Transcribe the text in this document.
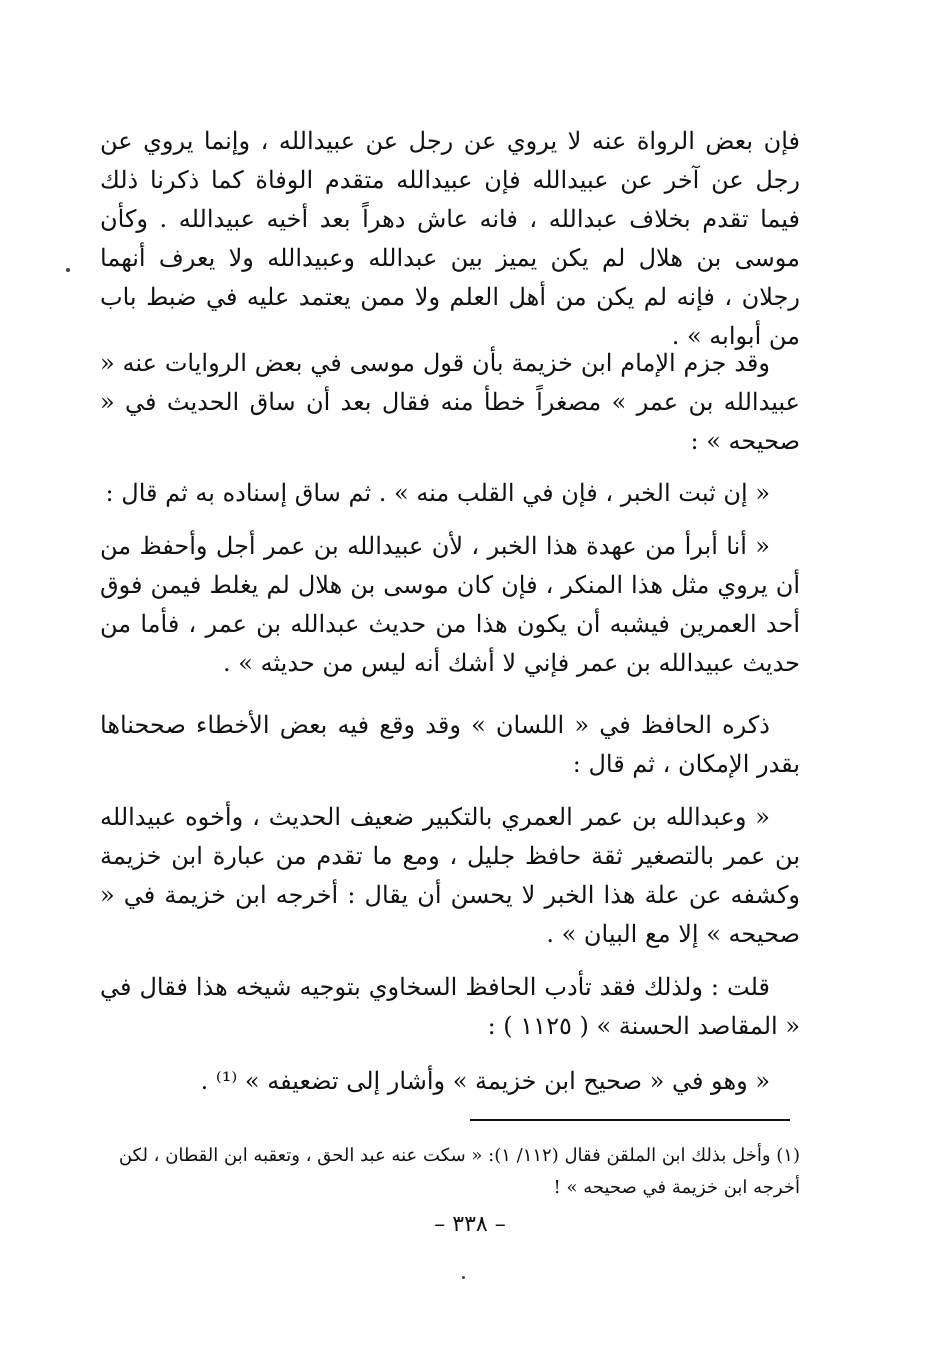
فإن بعض الرواة عنه لا يروي عن رجل عن عبيدالله ، وإنما يروي عن رجل عن آخر عن عبيدالله فإن عبيدالله متقدم الوفاة كما ذكرنا ذلك فيما تقدم بخلاف عبدالله ، فانه عاش دهراً بعد أخيه عبيدالله . وكأن موسى بن هلال لم يكن يميز بين عبدالله وعبيدالله ولا يعرف أنهما رجلان ، فإنه لم يكن من أهل العلم ولا ممن يعتمد عليه في ضبط باب من أبوابه » .

وقد جزم الإمام ابن خزيمة بأن قول موسى في بعض الروايات عنه « عبيدالله بن عمر » مصغراً خطأ منه فقال بعد أن ساق الحديث في « صحيحه » :

« إن ثبت الخبر ، فإن في القلب منه » . ثم ساق إسناده به ثم قال :

« أنا أبرأ من عهدة هذا الخبر ، لأن عبيدالله بن عمر أجل وأحفظ من أن يروي مثل هذا المنكر ، فإن كان موسى بن هلال لم يغلط فيمن فوق أحد العمرين فيشبه أن يكون هذا من حديث عبدالله بن عمر ، فأما من حديث عبيدالله بن عمر فإني لا أشك أنه ليس من حديثه » .

ذكره الحافظ في « اللسان » وقد وقع فيه بعض الأخطاء صححناها بقدر الإمكان ، ثم قال :

« وعبدالله بن عمر العمري بالتكبير ضعيف الحديث ، وأخوه عبيدالله بن عمر بالتصغير ثقة حافظ جليل ، ومع ما تقدم من عبارة ابن خزيمة وكشفه عن علة هذا الخبر لا يحسن أن يقال : أخرجه ابن خزيمة في « صحيحه » إلا مع البيان » .

قلت : ولذلك فقد تأدب الحافظ السخاوي بتوجيه شيخه هذا فقال في « المقاصد الحسنة » ( ١١٢٥ ) :

« وهو في « صحيح ابن خزيمة » وأشار إلى تضعيفه » ⁽¹⁾ .

(١) وأخل بذلك ابن الملقن فقال (١١٢/ ١): « سكت عنه عبد الحق ، وتعقبه ابن القطان ، لكن أخرجه ابن خزيمة في صحيحه » !

– ٣٣٨ –
